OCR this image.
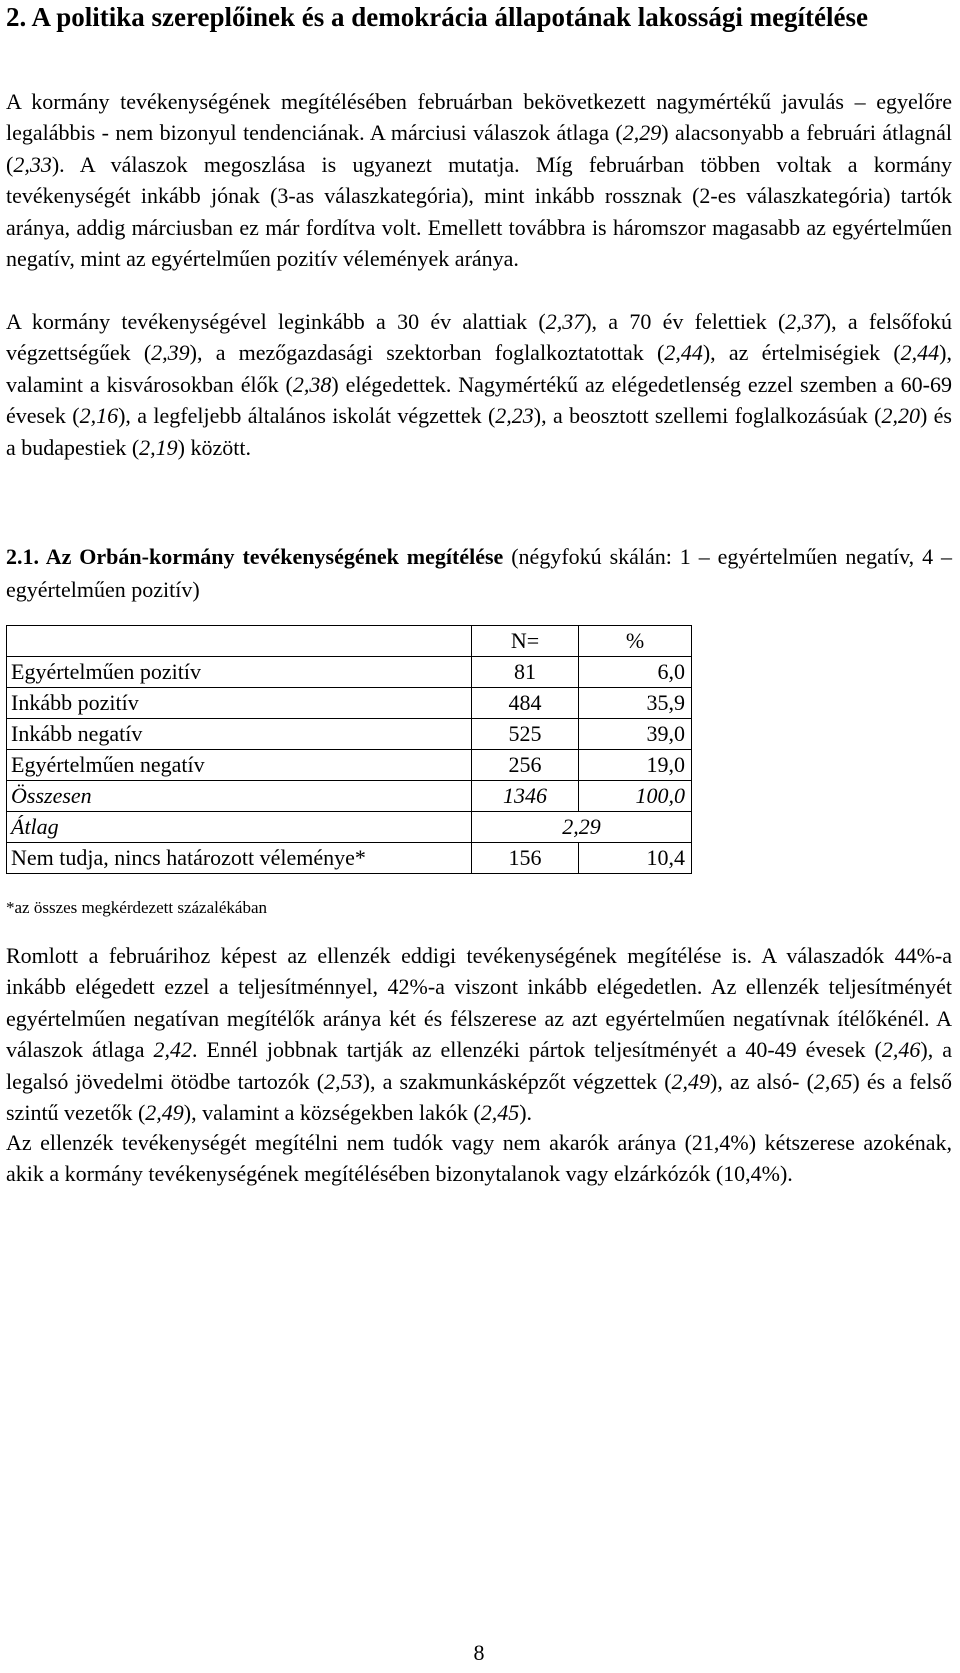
2. A politika szereplőinek és a demokrácia állapotának lakossági megítélése

A kormány tevékenységének megítélésében februárban bekövetkezett nagymértékű javulás – egyelőre legalábbis - nem bizonyul tendenciának. A márciusi válaszok átlaga (2,29) alacsonyabb a februári átlagnál (2,33). A válaszok megoszlása is ugyanezt mutatja. Míg februárban többen voltak a kormány tevékenységét inkább jónak (3-as válaszkategória), mint inkább rossznak (2-es válaszkategória) tartók aránya, addig márciusban ez már fordítva volt. Emellett továbbra is háromszor magasabb az egyértelműen negatív, mint az egyértelműen pozitív vélemények aránya.

A kormány tevékenységével leginkább a 30 év alattiak (2,37), a 70 év felettiek (2,37), a felsőfokú végzettségűek (2,39), a mezőgazdasági szektorban foglalkoztatottak (2,44), az értelmiségiek (2,44), valamint a kisvárosokban élők (2,38) elégedettek. Nagymértékű az elégedetlenség ezzel szemben a 60-69 évesek (2,16), a legfeljebb általános iskolát végzettek (2,23), a beosztott szellemi foglalkozásúak (2,20) és a budapestiek (2,19) között.

2.1. Az Orbán-kormány tevékenységének megítélése (négyfokú skálán: 1 – egyértelműen negatív, 4 – egyértelműen pozitív)
	N=	%
Egyértelműen pozitív	81	6,0
Inkább pozitív	484	35,9
Inkább negatív	525	39,0
Egyértelműen negatív	256	19,0
Összesen	1346	100,0
Átlag	2,29	
Nem tudja, nincs határozott véleménye*	156	10,4
*az összes megkérdezett százalékában

Romlott a februárihoz képest az ellenzék eddigi tevékenységének megítélése is. A válaszadók 44%-a inkább elégedett ezzel a teljesítménnyel, 42%-a viszont inkább elégedetlen. Az ellenzék teljesítményét egyértelműen negatívan megítélők aránya két és félszerese az azt egyértelműen negatívnak ítélőkénél. A válaszok átlaga 2,42. Ennél jobbnak tartják az ellenzéki pártok teljesítményét a 40-49 évesek (2,46), a legalsó jövedelmi ötödbe tartozók (2,53), a szakmunkásképzőt végzettek (2,49), az alsó- (2,65) és a felső szintű vezetők (2,49), valamint a községekben lakók (2,45).

Az ellenzék tevékenységét megítélni nem tudók vagy nem akarók aránya (21,4%) kétszerese azokénak, akik a kormány tevékenységének megítélésében bizonytalanok vagy elzárkózók (10,4%).

8
